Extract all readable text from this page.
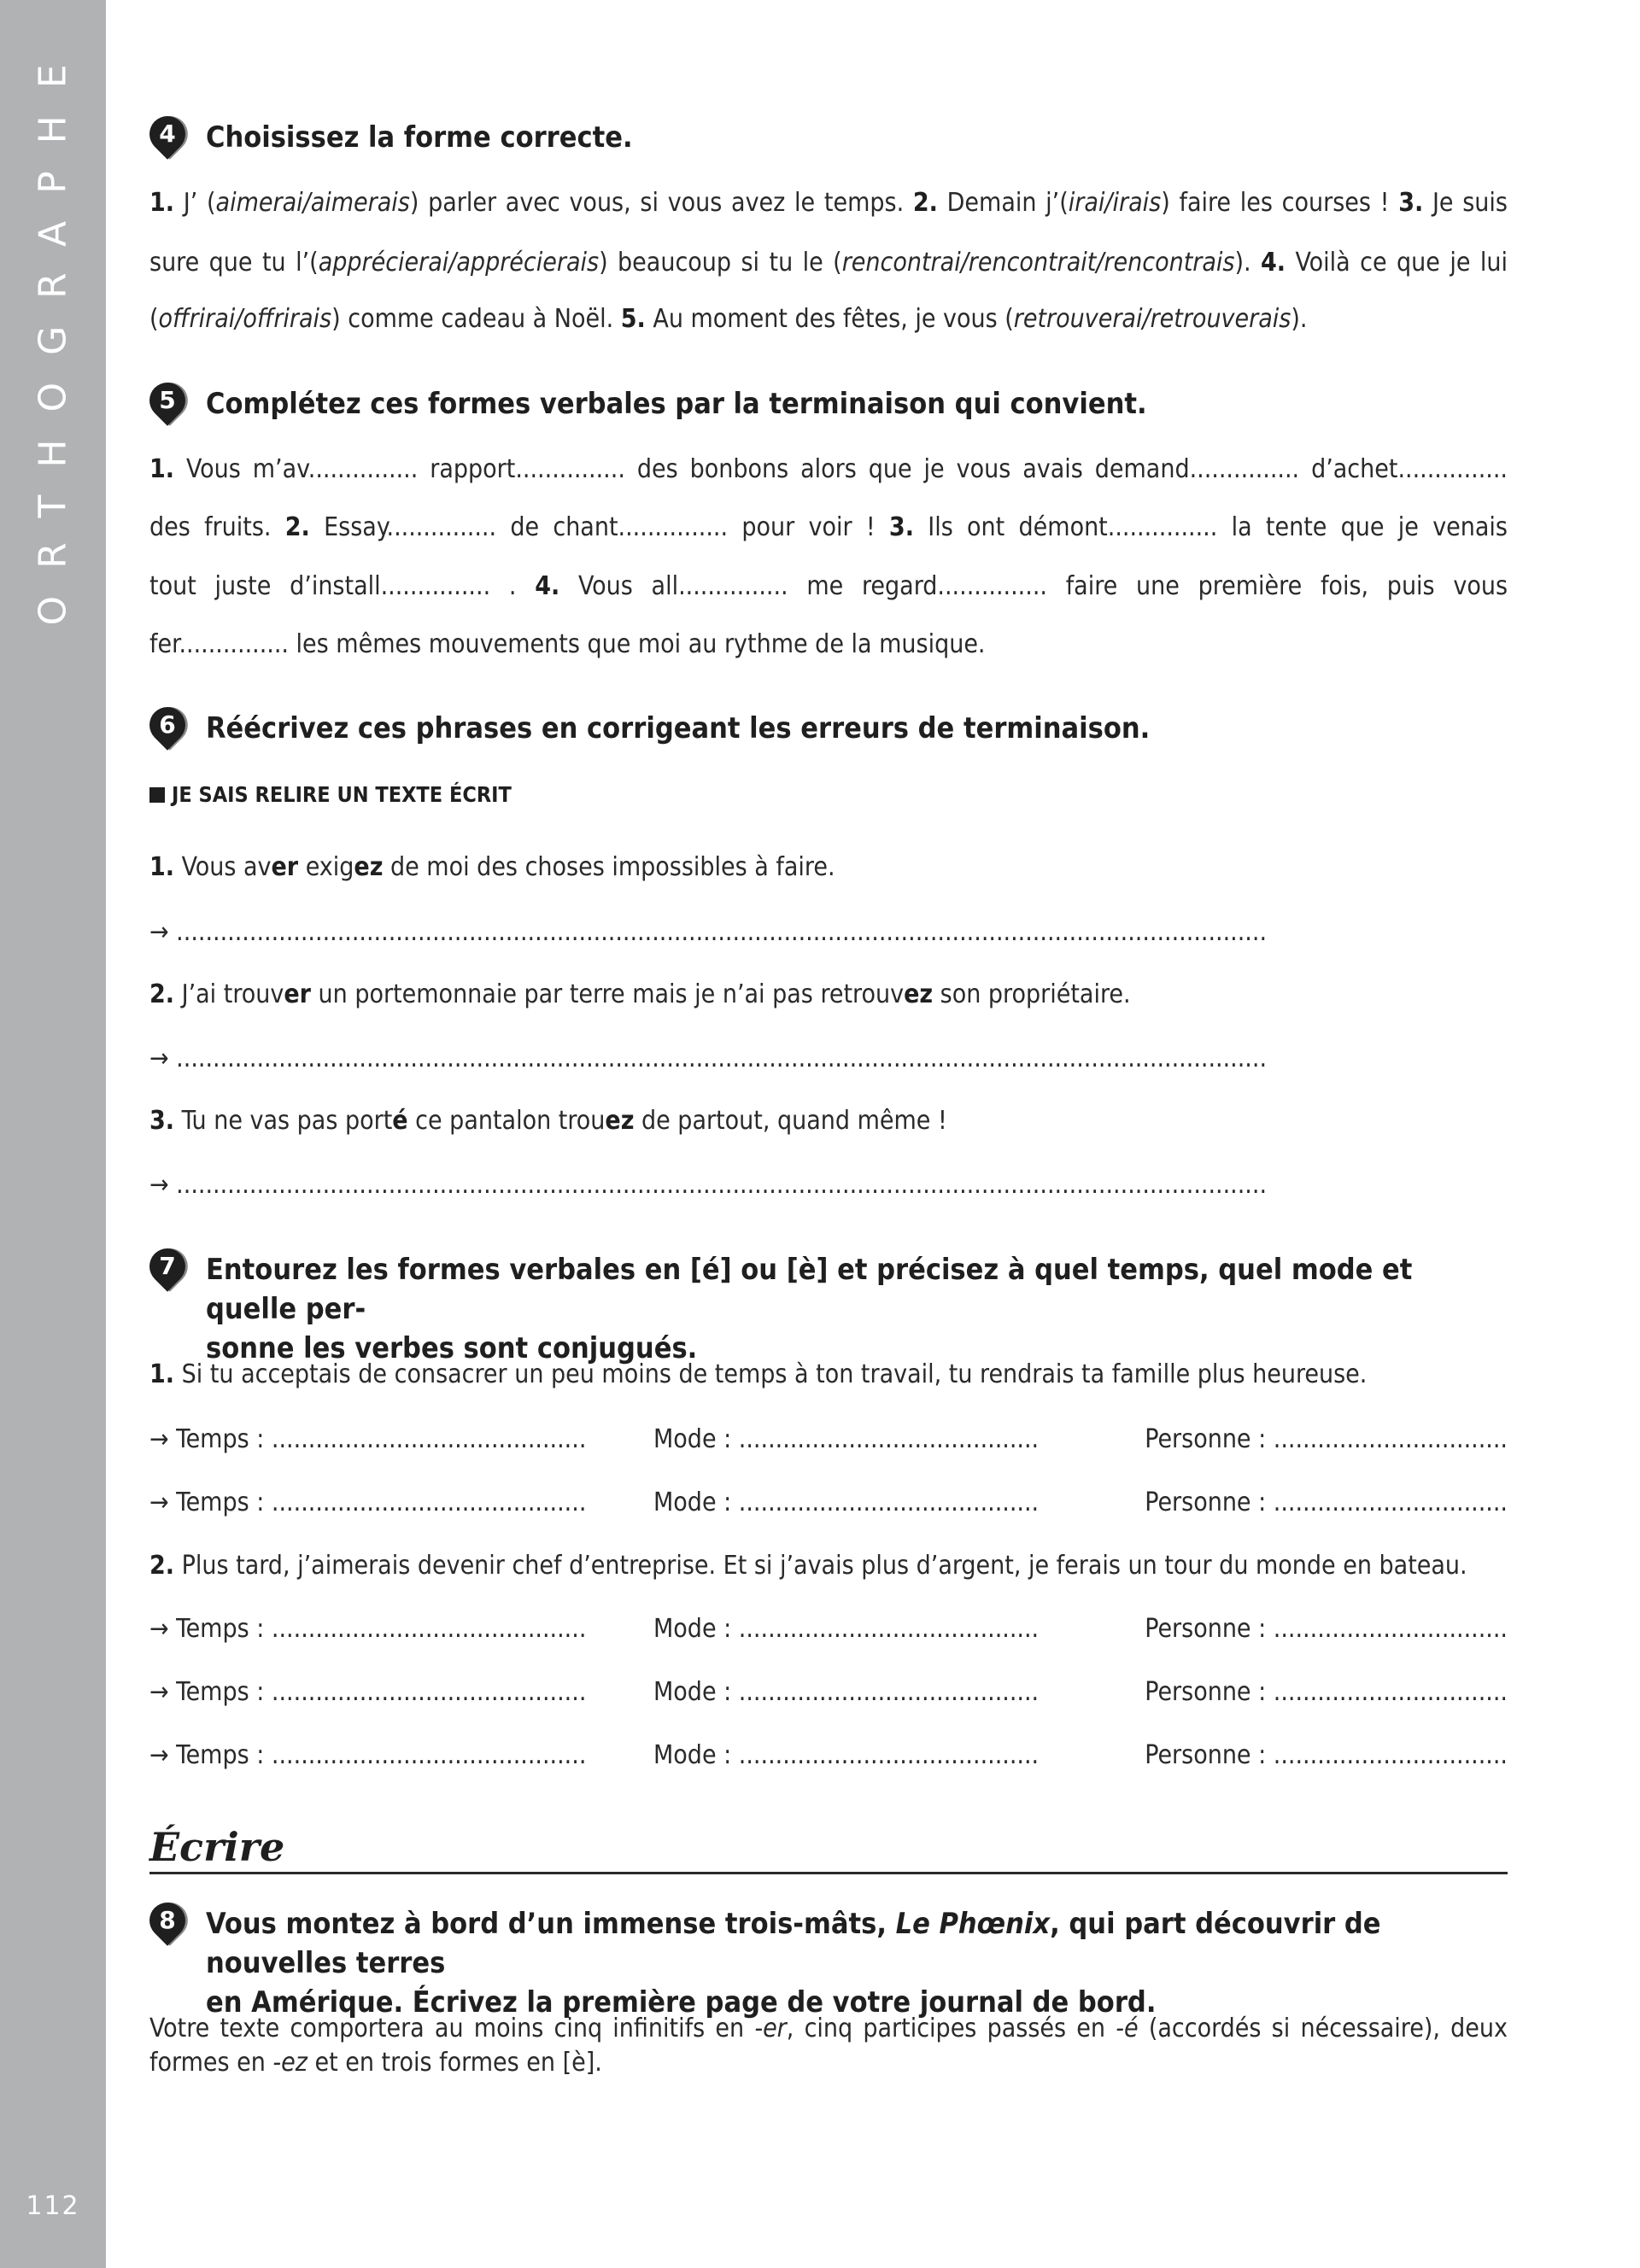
ORTHOGRAPHE
112
4	Choisissez la forme correcte.
1. J’ (aimerai/aimerais) parler avec vous, si vous avez le temps. 2. Demain j’(irai/irais) faire les courses ! 3. Je suis
sure que tu l’(apprécierai/apprécierais) beaucoup si tu le (rencontrai/rencontrait/rencontrais). 4. Voilà ce que je lui
(offrirai/offrirais) comme cadeau à Noël. 5. Au moment des fêtes, je vous (retrouverai/retrouverais).
5	Complétez ces formes verbales par la terminaison qui convient.
1. Vous m’av............... rapport............... des bonbons alors que je vous avais demand............... d’achet...............
des fruits. 2. Essay............... de chant............... pour voir ! 3. Ils ont démont............... la tente que je venais
tout juste d’install............... . 4. Vous all............... me regard............... faire une première fois, puis vous
fer............... les mêmes mouvements que moi au rythme de la musique.
6	Réécrivez ces phrases en corrigeant les erreurs de terminaison.
JE SAIS RELIRE UN TEXTE ÉCRIT
1. Vous aver exigez de moi des choses impossibles à faire.
→ .....................................................................................................................................................
2. J’ai trouver un portemonnaie par terre mais je n’ai pas retrouvez son propriétaire.
→ .....................................................................................................................................................
3. Tu ne vas pas porté ce pantalon trouez de partout, quand même !
→ .....................................................................................................................................................
7	Entourez les formes verbales en [é] ou [è] et précisez à quel temps, quel mode et quelle per-
sonne les verbes sont conjugués.
1. Si tu acceptais de consacrer un peu moins de temps à ton travail, tu rendrais ta famille plus heureuse.
→ Temps : ...........................................	Mode : .........................................	Personne : ................................
→ Temps : ...........................................	Mode : .........................................	Personne : ................................
2. Plus tard, j’aimerais devenir chef d’entreprise. Et si j’avais plus d’argent, je ferais un tour du monde en bateau.
→ Temps : ...........................................	Mode : .........................................	Personne : ................................
→ Temps : ...........................................	Mode : .........................................	Personne : ................................
→ Temps : ...........................................	Mode : .........................................	Personne : ................................
Écrire
8	Vous montez à bord d’un immense trois-mâts, Le Phœnix, qui part découvrir de nouvelles terres
en Amérique. Écrivez la première page de votre journal de bord.
Votre texte comportera au moins cinq infinitifs en -er, cinq participes passés en -é (accordés si nécessaire), deux
formes en -ez et en trois formes en [è].
